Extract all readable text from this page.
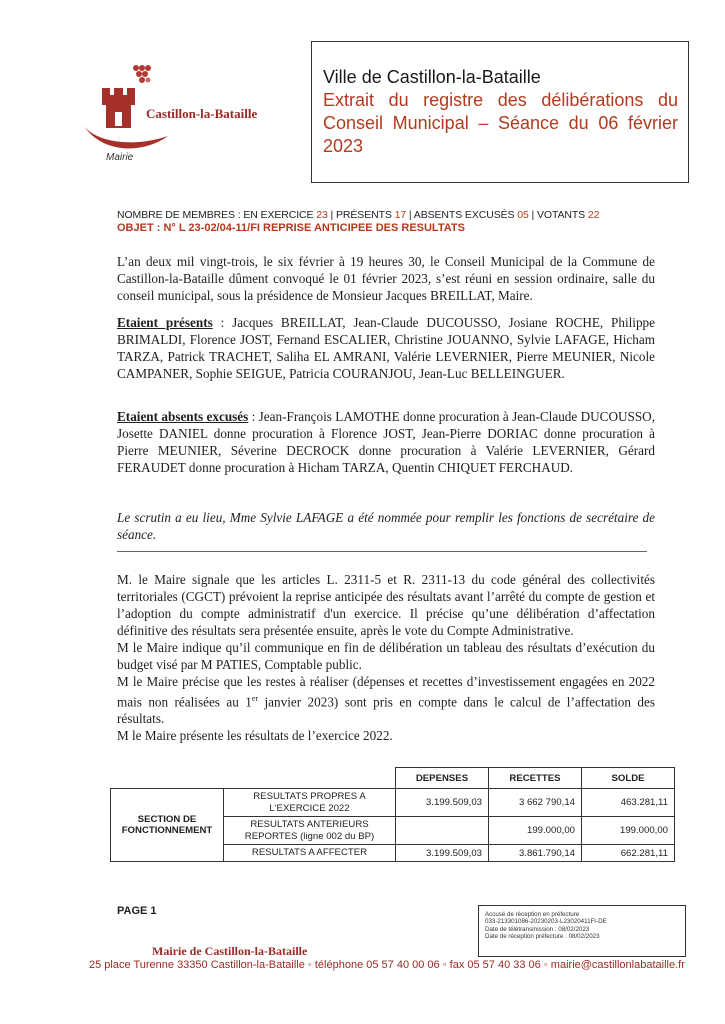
Castillon-la-Bataille
Mairie

Ville de Castillon-la-Bataille

Extrait du registre des délibérations du Conseil Municipal – Séance du 06 février 2023

NOMBRE DE MEMBRES : EN EXERCICE 23 | PRÉSENTS 17 | ABSENTS EXCUSÉS 05 | VOTANTS 22
OBJET : N° L 23-02/04-11/FI REPRISE ANTICIPEE DES RESULTATS

L’an deux mil vingt-trois, le six février à 19 heures 30, le Conseil Municipal de la Commune de Castillon-la-Bataille dûment convoqué le 01 février 2023, s’est réuni en session ordinaire, salle du conseil municipal, sous la présidence de Monsieur Jacques BREILLAT, Maire.

Etaient présents : Jacques BREILLAT, Jean-Claude DUCOUSSO, Josiane ROCHE, Philippe BRIMALDI, Florence JOST, Fernand ESCALIER, Christine JOUANNO, Sylvie LAFAGE, Hicham TARZA, Patrick TRACHET, Saliha EL AMRANI, Valérie LEVERNIER, Pierre MEUNIER, Nicole CAMPANER, Sophie SEIGUE, Patricia COURANJOU, Jean-Luc BELLEINGUER.

Etaient absents excusés : Jean-François LAMOTHE donne procuration à Jean-Claude DUCOUSSO, Josette DANIEL donne procuration à Florence JOST, Jean-Pierre DORIAC donne procuration à Pierre MEUNIER, Séverine DECROCK donne procuration à Valérie LEVERNIER, Gérard FERAUDET donne procuration à Hicham TARZA, Quentin CHIQUET FERCHAUD.

Le scrutin a eu lieu, Mme Sylvie LAFAGE a été nommée pour remplir les fonctions de secrétaire de séance.

M. le Maire signale que les articles L. 2311-5 et R. 2311-13 du code général des collectivités territoriales (CGCT) prévoient la reprise anticipée des résultats avant l’arrêté du compte de gestion et l’adoption du compte administratif d'un exercice. Il précise qu’une délibération d’affectation définitive des résultats sera présentée ensuite, après le vote du Compte Administrative.

M le Maire indique qu’il communique en fin de délibération un tableau des résultats d’exécution du budget visé par M PATIES, Comptable public.

M le Maire précise que les restes à réaliser (dépenses et recettes d’investissement engagées en 2022 mais non réalisées au 1er janvier 2023) sont pris en compte dans le calcul de l’affectation des résultats.

M le Maire présente les résultats de l’exercice 2022.

		DEPENSES	RECETTES	SOLDE
SECTION DE FONCTIONNEMENT	RESULTATS PROPRES A L'EXERCICE 2022	3.199.509,03	3 662 790,14	463.281,11
	RESULTATS ANTERIEURS REPORTES (ligne 002 du BP)		199.000,00	199.000,00
	RESULTATS A AFFECTER	3.199.509,03	3.861.790,14	662.281,11
PAGE 1	Accusé de réception en préfecture
033-213301086-20230203-L23020411FI-DE
Date de télétransmission : 08/02/2023
Date de réception préfecture : 08/02/2023
Mairie de Castillon-la-Bataille
25 place Turenne 33350 Castillon-la-Bataille ◦ téléphone 05 57 40 00 06 ◦ fax 05 57 40 33 06 ◦ mairie@castillonlabataille.fr
